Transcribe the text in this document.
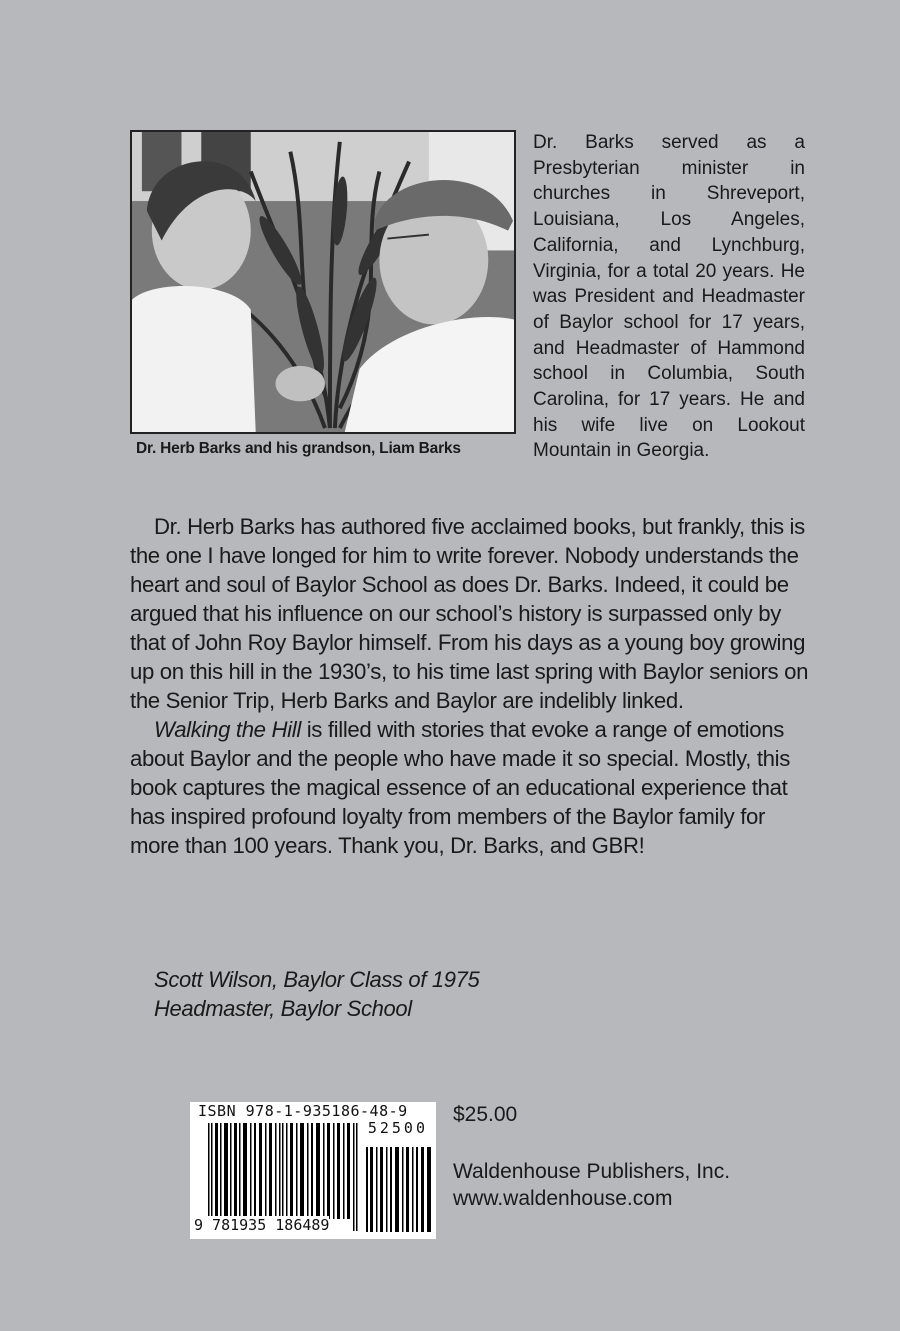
Dr. Herb Barks and his grandson, Liam Barks
Dr. Barks served as a Presbyterian minister in churches in Shreveport, Louisiana, Los Angeles, California, and Lynchburg, Virginia, for a total 20 years. He was President and Headmaster of Baylor school for 17 years, and Headmaster of Hammond school in Columbia, South Carolina, for 17 years. He and his wife live on Lookout Mountain in Georgia.

Dr. Herb Barks has authored five acclaimed books, but frankly, this is the one I have longed for him to write forever. Nobody understands the heart and soul of Baylor School as does Dr. Barks. Indeed, it could be argued that his influence on our school’s history is surpassed only by that of John Roy Baylor himself. From his days as a young boy growing up on this hill in the 1930’s, to his time last spring with Baylor seniors on the Senior Trip, Herb Barks and Baylor are indelibly linked.

Walking the Hill is filled with stories that evoke a range of emotions about Baylor and the people who have made it so special. Mostly, this book captures the magical essence of an educational experience that has inspired profound loyalty from members of the Baylor family for more than 100 years. Thank you, Dr. Barks, and GBR!

Scott Wilson, Baylor Class of 1975
Headmaster, Baylor School
ISBN 978-1-935186-48-9
52500
9 781935 186489
$25.00
Waldenhouse Publishers, Inc.
www.waldenhouse.com
